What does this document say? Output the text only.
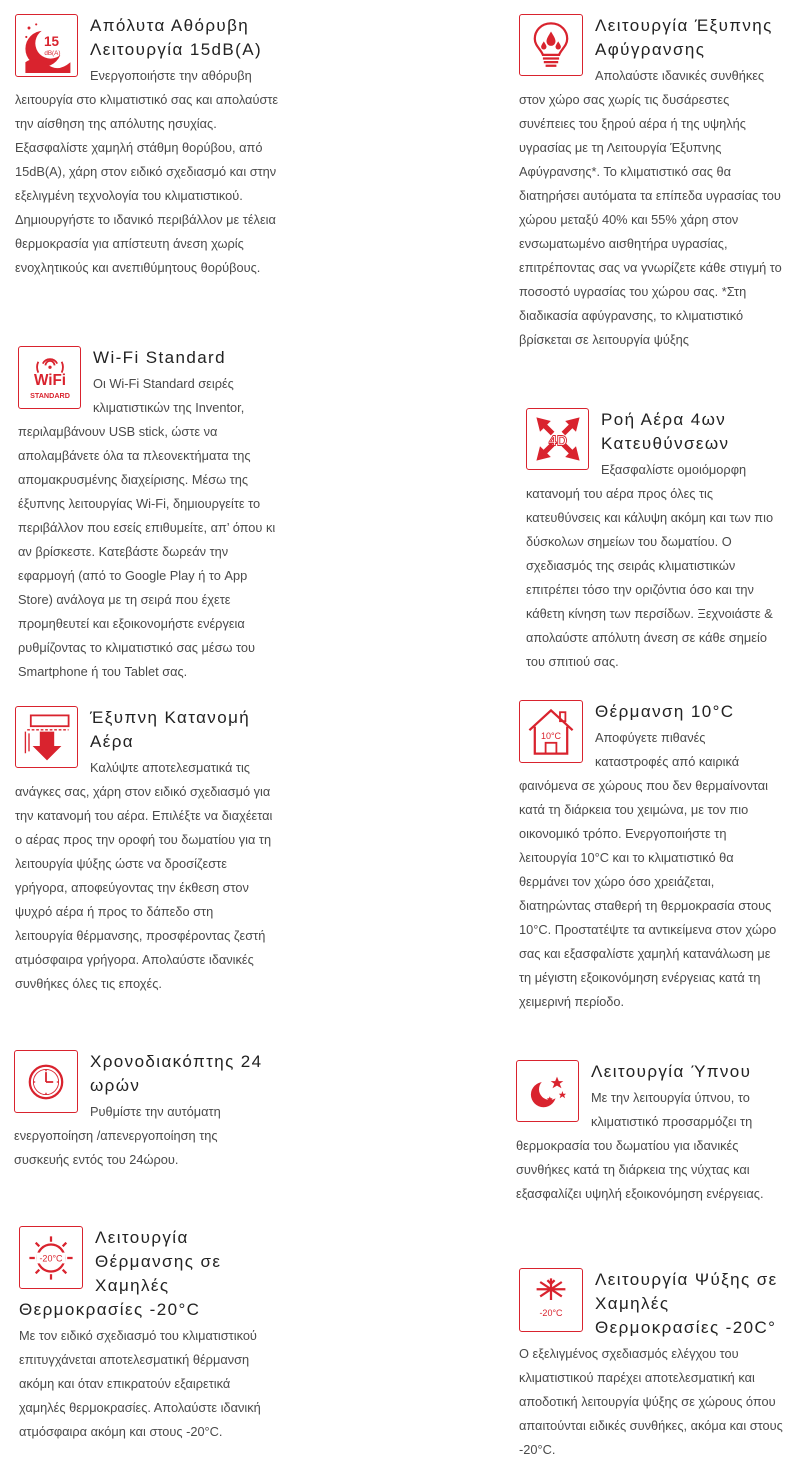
15
dB(A)
Απόλυτα Αθόρυβη Λειτουργία 15dB(A)

Ενεργοποιήστε την αθόρυβη λειτουργία στο κλιματιστικό σας και απολαύστε την αίσθηση της απόλυτης ησυχίας. Εξασφαλίστε χαμηλή στάθμη θορύβου, από 15dB(A), χάρη στον ειδικό σχεδιασμό και στην εξελιγμένη τεχνολογία του κλιματιστικού. Δημιουργήστε το ιδανικό περιβάλλον με τέλεια θερμοκρασία για απίστευτη άνεση χωρίς ενοχλητικούς και ανεπιθύμητους θορύβους.

Λειτουργία Έξυπνης Αφύγρανσης

Απολαύστε ιδανικές συνθήκες στον χώρο σας χωρίς τις δυσάρεστες συνέπειες του ξηρού αέρα ή της υψηλής υγρασίας με τη Λειτουργία Έξυπνης Αφύγρανσης*. Το κλιματιστικό σας θα διατηρήσει αυτόματα τα επίπεδα υγρασίας του χώρου μεταξύ 40% και 55% χάρη στον ενσωματωμένο αισθητήρα υγρασίας, επιτρέποντας σας να γνωρίζετε κάθε στιγμή το ποσοστό υγρασίας του χώρου σας. *Στη διαδικασία αφύγρανσης, το κλιματιστικό βρίσκεται σε λειτουργία ψύξης

WiFi
STANDARD
Wi-Fi Standard

Οι Wi-Fi Standard σειρές κλιματιστικών της Inventor, περιλαμβάνουν USB stick, ώστε να απολαμβάνετε όλα τα πλεονεκτήματα της απομακρυσμένης διαχείρισης. Μέσω της έξυπνης λειτουργίας Wi-Fi, δημιουργείτε το περιβάλλον που εσείς επιθυμείτε, απ’ όπου κι αν βρίσκεστε. Κατεβάστε δωρεάν την εφαρμογή (από το Google Play ή το App Store) ανάλογα με τη σειρά που έχετε προμηθευτεί και εξοικονομήστε ενέργεια ρυθμίζοντας το κλιματιστικό σας μέσω του Smartphone ή του Tablet σας.

4D
Ροή Αέρα 4ων Κατευθύνσεων

Εξασφαλίστε ομοιόμορφη κατανομή του αέρα προς όλες τις κατευθύνσεις και κάλυψη ακόμη και των πιο δύσκολων σημείων του δωματίου. Ο σχεδιασμός της σειράς κλιματιστικών επιτρέπει τόσο την οριζόντια όσο και την κάθετη κίνηση των περσίδων. Ξεχνοιάστε & απολαύστε απόλυτη άνεση σε κάθε σημείο του σπιτιού σας.

Έξυπνη Κατανομή Αέρα

Καλύψτε αποτελεσματικά τις ανάγκες σας, χάρη στον ειδικό σχεδιασμό για την κατανομή του αέρα. Επιλέξτε να διαχέεται ο αέρας προς την οροφή του δωματίου για τη λειτουργία ψύξης ώστε να δροσίζεστε γρήγορα, αποφεύγοντας την έκθεση στον ψυχρό αέρα ή προς το δάπεδο στη λειτουργία θέρμανσης, προσφέροντας ζεστή ατμόσφαιρα γρήγορα. Απολαύστε ιδανικές συνθήκες όλες τις εποχές.

10°C
Θέρμανση 10°C

Αποφύγετε πιθανές καταστροφές από καιρικά φαινόμενα σε χώρους που δεν θερμαίνονται κατά τη διάρκεια του χειμώνα, με τον πιο οικονομικό τρόπο. Ενεργοποιήστε τη λειτουργία 10°C και το κλιματιστικό θα θερμάνει τον χώρο όσο χρειάζεται, διατηρώντας σταθερή τη θερμοκρασία στους 10°C. Προστατέψτε τα αντικείμενα στον χώρο σας και εξασφαλίστε χαμηλή κατανάλωση με τη μέγιστη εξοικονόμηση ενέργειας κατά τη χειμερινή περίοδο.

Χρονοδιακόπτης 24 ωρών

Ρυθμίστε την αυτόματη ενεργοποίηση /απενεργοποίηση της συσκευής εντός του 24ώρου.

Λειτουργία Ύπνου

Με την λειτουργία ύπνου, το κλιματιστικό προσαρμόζει τη θερμοκρασία του δωματίου για ιδανικές συνθήκες κατά τη διάρκεια της νύχτας και εξασφαλίζει υψηλή εξοικονόμηση ενέργειας.

-20°C
Λειτουργία Θέρμανσης σε Χαμηλές Θερμοκρασίες -20°C

Με τον ειδικό σχεδιασμό του κλιματιστικού επιτυγχάνεται αποτελεσματική θέρμανση ακόμη και όταν επικρατούν εξαιρετικά χαμηλές θερμοκρασίες. Απολαύστε ιδανική ατμόσφαιρα ακόμη και στους -20°C.

-20°C
Λειτουργία Ψύξης σε Χαμηλές Θερμοκρασίες -20C°

Ο εξελιγμένος σχεδιασμός ελέγχου του κλιματιστικού παρέχει αποτελεσματική και αποδοτική λειτουργία ψύξης σε χώρους όπου απαιτούνται ειδικές συνθήκες, ακόμα και στους -20°C.
